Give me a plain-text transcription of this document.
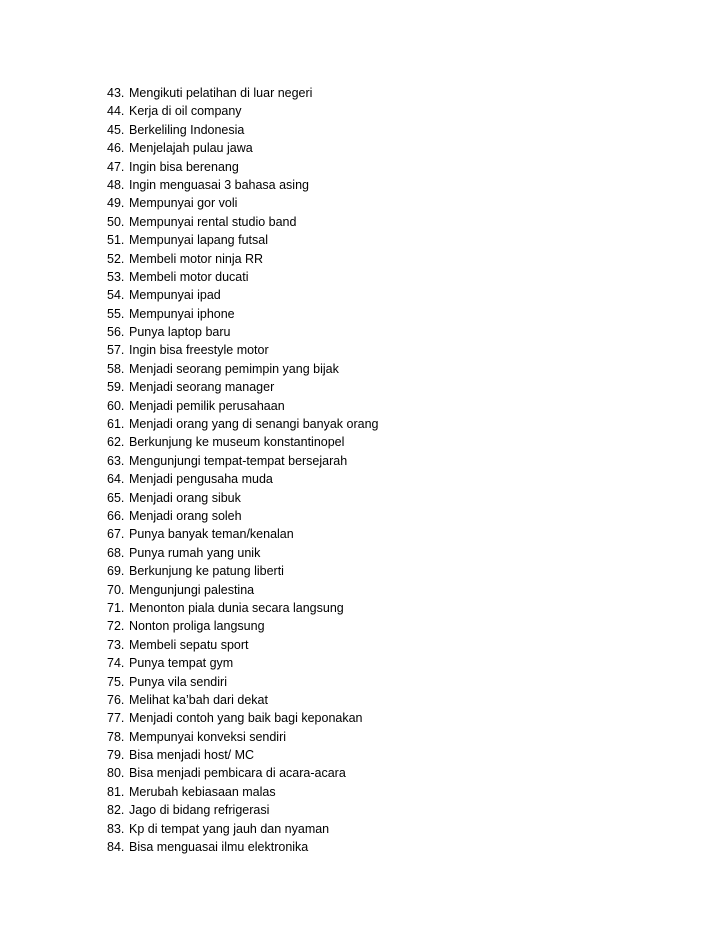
43. Mengikuti pelatihan di luar negeri
44. Kerja di oil company
45. Berkeliling Indonesia
46. Menjelajah pulau jawa
47. Ingin bisa berenang
48. Ingin menguasai 3 bahasa asing
49. Mempunyai gor voli
50. Mempunyai rental studio band
51. Mempunyai lapang futsal
52. Membeli motor ninja RR
53. Membeli motor ducati
54. Mempunyai ipad
55. Mempunyai iphone
56. Punya laptop baru
57. Ingin bisa freestyle motor
58. Menjadi seorang pemimpin yang bijak
59. Menjadi seorang manager
60. Menjadi pemilik perusahaan
61. Menjadi orang yang di senangi banyak orang
62. Berkunjung ke museum konstantinopel
63. Mengunjungi tempat-tempat bersejarah
64. Menjadi pengusaha muda
65. Menjadi orang sibuk
66. Menjadi orang soleh
67. Punya banyak teman/kenalan
68. Punya rumah yang unik
69. Berkunjung ke patung liberti
70. Mengunjungi palestina
71. Menonton piala dunia secara langsung
72. Nonton proliga langsung
73. Membeli sepatu sport
74. Punya tempat gym
75. Punya vila sendiri
76. Melihat ka’bah dari dekat
77. Menjadi contoh yang baik bagi keponakan
78. Mempunyai konveksi sendiri
79. Bisa menjadi host/ MC
80. Bisa menjadi pembicara di acara-acara
81. Merubah kebiasaan malas
82. Jago di bidang refrigerasi
83. Kp di tempat yang jauh dan nyaman
84. Bisa menguasai ilmu elektronika
